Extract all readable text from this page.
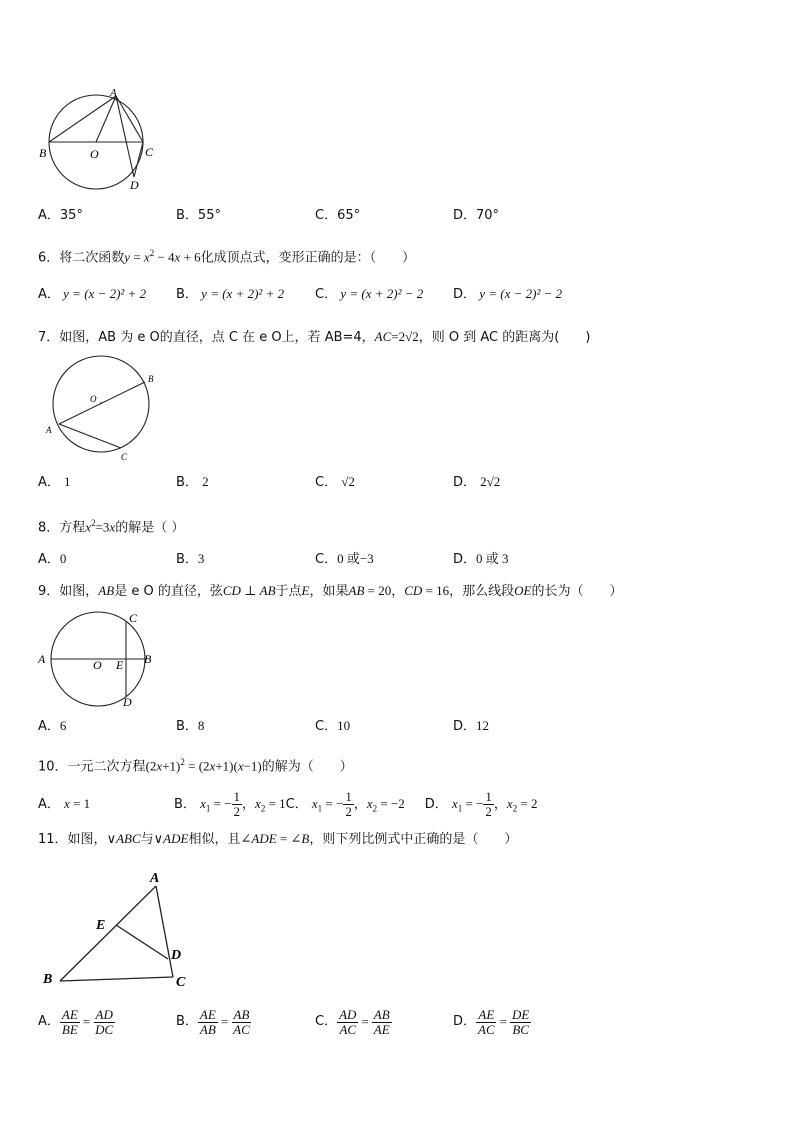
A
B	O	C
D
A．35°	B．55°	C．65°	D．70°
6．将二次函数$y = x^2 - 4x + 6$化成顶点式，变形正确的是：（　　）
A． y = (x − 2)² + 2 B． y = (x + 2)² + 2 C． y = (x + 2)² − 2 D． y = (x − 2)² − 2
7．如图，AB 为 e O的直径，点 C 在 e O上，若 AB=4，AC=2√2，则 O 到 AC 的距离为(　　)
O
B
A
C
A． 1	B． 2	C． √2	D． 2√2
8．方程$x^2=3x$的解是（ ）
A．0	B．3	C．0 或−3	D．0 或 3
9．如图，AB是 e O 的直径，弦CD ⊥ AB于点E，如果AB = 20，CD = 16，那么线段OE的长为（　　）
A	O E B
C
D
A．6	B．8	C．10	D．12
10．一元二次方程$(2x+1)^2 = (2x+1)(x-1)$的解为（　　）
A． x = 1	B． $x_1$ = − $\frac{1}{2}$ ，$x_2 = 1$ C． $x_1$ = − $\frac{1}{2}$ ，$x_2 = -2$ D． $x_1$ = − $\frac{1}{2}$ ，$x_2 = 2$
11．如图，∨ABC与∨ADE相似，且∠ADE = ∠B，则下列比例式中正确的是（　　）
A
E
D
B	C
A． $\frac{AE}{BE} = \frac{AD}{DC}$	B． $\frac{AE}{AB} = \frac{AB}{AC}$	C． $\frac{AD}{AC} = \frac{AB}{AE}$	D． $\frac{AE}{AC} = \frac{DE}{BC}$
